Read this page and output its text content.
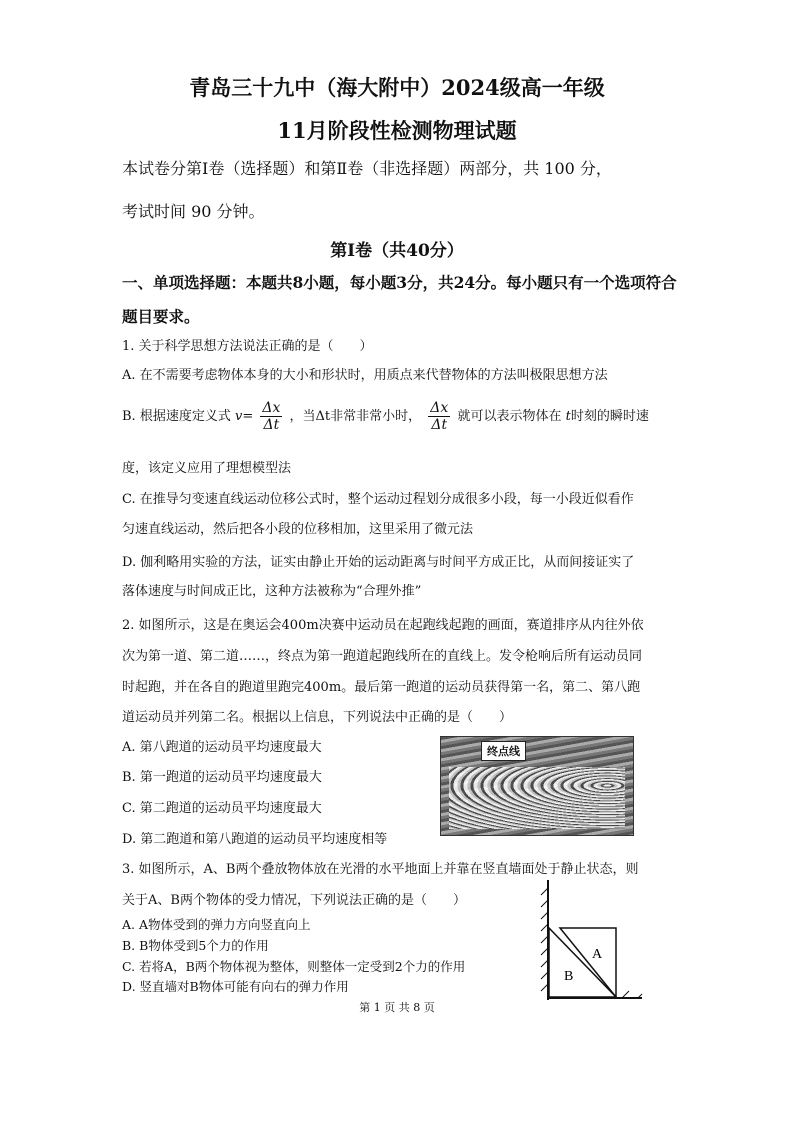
青岛三十九中（海大附中）2024级高一年级
11月阶段性检测物理试题
本试卷分第Ⅰ卷（选择题）和第Ⅱ卷（非选择题）两部分，共 100 分，
考试时间 90 分钟。
第Ⅰ卷（共40分）
一、单项选择题：本题共8小题，每小题3分，共24分。每小题只有一个选项符合题目要求。
1. 关于科学思想方法说法正确的是（　　）
A. 在不需要考虑物体本身的大小和形状时，用质点来代替物体的方法叫极限思想方法
B. 根据速度定义式 $v= \frac{\Delta x}{\Delta t}$ ，当Δt非常非常小时， $\frac{\Delta x}{\Delta t}$ 就可以表示物体在 t时刻的瞬时速
度，该定义应用了理想模型法
C. 在推导匀变速直线运动位移公式时，整个运动过程划分成很多小段，每一小段近似看作
匀速直线运动，然后把各小段的位移相加，这里采用了微元法
D. 伽利略用实验的方法，证实由静止开始的运动距离与时间平方成正比，从而间接证实了
落体速度与时间成正比，这种方法被称为“合理外推”
2. 如图所示，这是在奥运会400m决赛中运动员在起跑线起跑的画面，赛道排序从内往外依
次为第一道、第二道……，终点为第一跑道起跑线所在的直线上。发令枪响后所有运动员同
时起跑，并在各自的跑道里跑完400m。最后第一跑道的运动员获得第一名，第二、第八跑
道运动员并列第二名。根据以上信息，下列说法中正确的是（　　）
A. 第八跑道的运动员平均速度最大
B. 第一跑道的运动员平均速度最大
C. 第二跑道的运动员平均速度最大
D. 第二跑道和第八跑道的运动员平均速度相等
终点线
3. 如图所示，A、B两个叠放物体放在光滑的水平地面上并靠在竖直墙面处于静止状态，则
关于A、B两个物体的受力情况，下列说法正确的是（　　）
A. A物体受到的弹力方向竖直向上
B. B物体受到5个力的作用
C. 若将A，B两个物体视为整体，则整体一定受到2个力的作用
D. 竖直墙对B物体可能有向右的弹力作用
A
B
第 1 页 共 8 页
